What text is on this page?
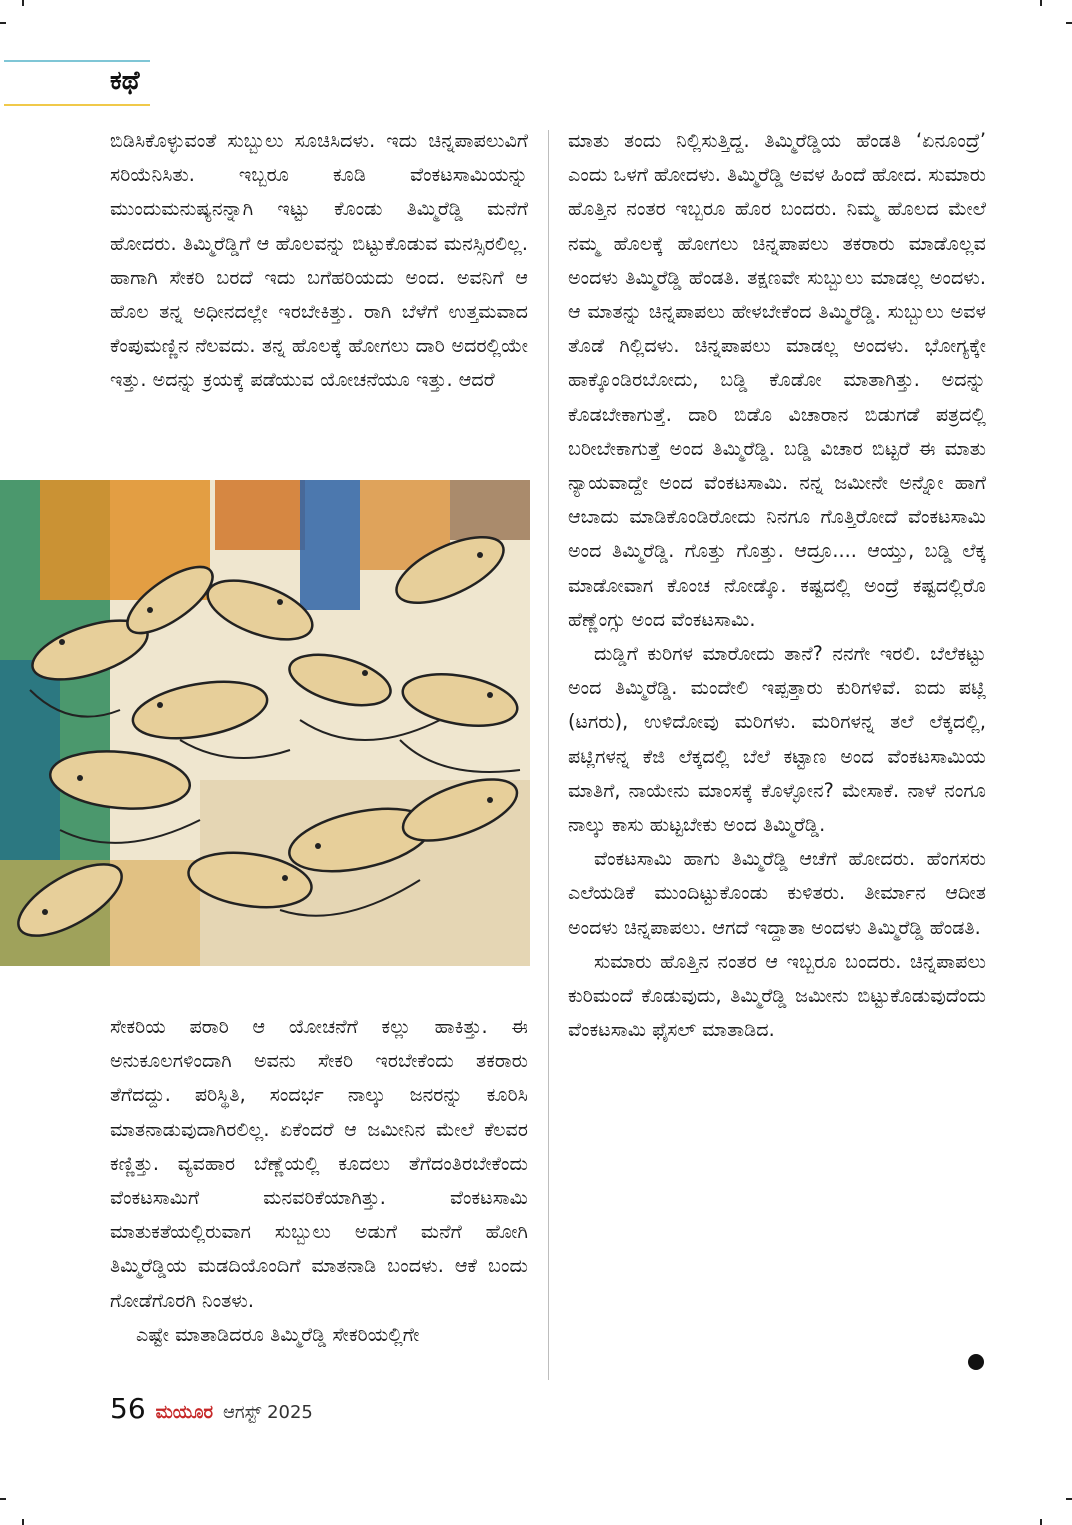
ಕಥೆ

ಬಿಡಿಸಿಕೊಳ್ಳುವಂತೆ ಸುಬ್ಬುಲು ಸೂಚಿಸಿದಳು. ಇದು ಚಿನ್ನಪಾಪಲುವಿಗೆ ಸರಿಯೆನಿಸಿತು. ಇಬ್ಬರೂ ಕೂಡಿ ವೆಂಕಟಸಾಮಿಯನ್ನು ಮುಂದುಮನುಷ್ಯನನ್ನಾಗಿ ಇಟ್ಟು ಕೊಂಡು ತಿಮ್ಮಿರೆಡ್ಡಿ ಮನೆಗೆ ಹೋದರು. ತಿಮ್ಮಿರೆಡ್ಡಿಗೆ ಆ ಹೊಲವನ್ನು ಬಿಟ್ಟುಕೊಡುವ ಮನಸ್ಸಿರಲಿಲ್ಲ. ಹಾಗಾಗಿ ಸೇಕರಿ ಬರದೆ ಇದು ಬಗೆಹರಿಯದು ಅಂದ. ಅವನಿಗೆ ಆ ಹೊಲ ತನ್ನ ಅಧೀನದಲ್ಲೇ ಇರಬೇಕಿತ್ತು. ರಾಗಿ ಬೆಳೆಗೆ ಉತ್ತಮವಾದ ಕೆಂಪುಮಣ್ಣಿನ ನೆಲವದು. ತನ್ನ ಹೊಲಕ್ಕೆ ಹೋಗಲು ದಾರಿ ಅದರಲ್ಲಿಯೇ ಇತ್ತು. ಅದನ್ನು ಕ್ರಯಕ್ಕೆ ಪಡೆಯುವ ಯೋಚನೆಯೂ ಇತ್ತು. ಆದರೆ

ಸೇಕರಿಯ ಪರಾರಿ ಆ ಯೋಚನೆಗೆ ಕಲ್ಲು ಹಾಕಿತ್ತು. ಈ ಅನುಕೂಲಗಳಿಂದಾಗಿ ಅವನು ಸೇಕರಿ ಇರಬೇಕೆಂದು ತಕರಾರು ತೆಗೆದದ್ದು. ಪರಿಸ್ಥಿತಿ, ಸಂದರ್ಭ ನಾಲ್ಕು ಜನರನ್ನು ಕೂರಿಸಿ ಮಾತನಾಡುವುದಾಗಿರಲಿಲ್ಲ. ಏಕೆಂದರೆ ಆ ಜಮೀನಿನ ಮೇಲೆ ಕೆಲವರ ಕಣ್ಣಿತ್ತು. ವ್ಯವಹಾರ ಬೆಣ್ಣೆಯಲ್ಲಿ ಕೂದಲು ತೆಗೆದಂತಿರಬೇಕೆಂದು ವೆಂಕಟಸಾಮಿಗೆ ಮನವರಿಕೆಯಾಗಿತ್ತು. ವೆಂಕಟಸಾಮಿ ಮಾತುಕತೆಯಲ್ಲಿರುವಾಗ ಸುಬ್ಬುಲು ಅಡುಗೆ ಮನೆಗೆ ಹೋಗಿ ತಿಮ್ಮಿರೆಡ್ಡಿಯ ಮಡದಿಯೊಂದಿಗೆ ಮಾತನಾಡಿ ಬಂದಳು. ಆಕೆ ಬಂದು ಗೋಡೆಗೊರಗಿ ನಿಂತಳು.

ಎಷ್ಟೇ ಮಾತಾಡಿದರೂ ತಿಮ್ಮಿರೆಡ್ಡಿ ಸೇಕರಿಯಲ್ಲಿಗೇ

ಮಾತು ತಂದು ನಿಲ್ಲಿಸುತ್ತಿದ್ದ. ತಿಮ್ಮಿರೆಡ್ಡಿಯ ಹೆಂಡತಿ ‘ಏನೂಂದ್ರೆ’ ಎಂದು ಒಳಗೆ ಹೋದಳು. ತಿಮ್ಮಿರೆಡ್ಡಿ ಅವಳ ಹಿಂದೆ ಹೋದ. ಸುಮಾರು ಹೊತ್ತಿನ ನಂತರ ಇಬ್ಬರೂ ಹೊರ ಬಂದರು. ನಿಮ್ಮ ಹೊಲದ ಮೇಲೆ ನಮ್ಮ ಹೊಲಕ್ಕೆ ಹೋಗಲು ಚಿನ್ನಪಾಪಲು ತಕರಾರು ಮಾಡೊಲ್ಲವ ಅಂದಳು ತಿಮ್ಮಿರೆಡ್ಡಿ ಹೆಂಡತಿ. ತಕ್ಷಣವೇ ಸುಬ್ಬುಲು ಮಾಡಲ್ಲ ಅಂದಳು. ಆ ಮಾತನ್ನು ಚಿನ್ನಪಾಪಲು ಹೇಳಬೇಕೆಂದ ತಿಮ್ಮಿರೆಡ್ಡಿ. ಸುಬ್ಬುಲು ಅವಳ ತೊಡೆ ಗಿಲ್ಲಿದಳು. ಚಿನ್ನಪಾಪಲು ಮಾಡಲ್ಲ ಅಂದಳು. ಭೋಗ್ಯಕ್ಕೇ ಹಾಕ್ಕೊಂಡಿರಬೋದು, ಬಡ್ಡಿ ಕೊಡೋ ಮಾತಾಗಿತ್ತು. ಅದನ್ನು ಕೊಡಬೇಕಾಗುತ್ತೆ. ದಾರಿ ಬಿಡೊ ವಿಚಾರಾನ ಬಿಡುಗಡೆ ಪತ್ರದಲ್ಲಿ ಬರೀಬೇಕಾಗುತ್ತೆ ಅಂದ ತಿಮ್ಮಿರೆಡ್ಡಿ. ಬಡ್ಡಿ ವಿಚಾರ ಬಿಟ್ಟರೆ ಈ ಮಾತು ನ್ಯಾಯವಾದ್ದೇ ಅಂದ ವೆಂಕಟಸಾಮಿ. ನನ್ನ ಜಮೀನೇ ಅನ್ನೋ ಹಾಗೆ ಆಬಾದು ಮಾಡಿಕೊಂಡಿರೋದು ನಿನಗೂ ಗೊತ್ತಿರೋದೆ ವೆಂಕಟಸಾಮಿ ಅಂದ ತಿಮ್ಮಿರೆಡ್ಡಿ. ಗೊತ್ತು ಗೊತ್ತು. ಆದ್ರೂ.... ಆಯ್ತು, ಬಡ್ಡಿ ಲೆಕ್ಕ ಮಾಡೋವಾಗ ಕೊಂಚ ನೋಡ್ಕೊ. ಕಷ್ಟದಲ್ಲಿ ಅಂದ್ರೆ ಕಷ್ಟದಲ್ಲಿರೊ ಹೆಣ್ಣೆಂಗ್ಸು ಅಂದ ವೆಂಕಟಸಾಮಿ.

ದುಡ್ಡಿಗೆ ಕುರಿಗಳ ಮಾರೋದು ತಾನೆ? ನನಗೇ ಇರಲಿ. ಬೆಲೆಕಟ್ಟು ಅಂದ ತಿಮ್ಮಿರೆಡ್ಡಿ. ಮಂದೇಲಿ ಇಪ್ಪತ್ತಾರು ಕುರಿಗಳಿವೆ. ಐದು ಪಟ್ಲಿ (ಟಗರು), ಉಳಿದೋವು ಮರಿಗಳು. ಮರಿಗಳನ್ನ ತಲೆ ಲೆಕ್ಕದಲ್ಲಿ, ಪಟ್ಲಿಗಳನ್ನ ಕೆಜಿ ಲೆಕ್ಕದಲ್ಲಿ ಬೆಲೆ ಕಟ್ಟಾಣ ಅಂದ ವೆಂಕಟಸಾಮಿಯ ಮಾತಿಗೆ, ನಾಯೇನು ಮಾಂಸಕ್ಕೆ ಕೊಳ್ಳೋನ? ಮೇಸಾಕೆ. ನಾಳೆ ನಂಗೂ ನಾಲ್ಕು ಕಾಸು ಹುಟ್ಟಬೇಕು ಅಂದ ತಿಮ್ಮಿರೆಡ್ಡಿ.

ವೆಂಕಟಸಾಮಿ ಹಾಗು ತಿಮ್ಮಿರೆಡ್ಡಿ ಆಚೆಗೆ ಹೋದರು. ಹೆಂಗಸರು ಎಲೆಯಡಿಕೆ ಮುಂದಿಟ್ಟುಕೊಂಡು ಕುಳಿತರು. ತೀರ್ಮಾನ ಆದೀತ ಅಂದಳು ಚಿನ್ನಪಾಪಲು. ಆಗದೆ ಇದ್ದಾತಾ ಅಂದಳು ತಿಮ್ಮಿರೆಡ್ಡಿ ಹೆಂಡತಿ.

ಸುಮಾರು ಹೊತ್ತಿನ ನಂತರ ಆ ಇಬ್ಬರೂ ಬಂದರು. ಚಿನ್ನಪಾಪಲು ಕುರಿಮಂದೆ ಕೊಡುವುದು, ತಿಮ್ಮಿರೆಡ್ಡಿ ಜಮೀನು ಬಿಟ್ಟುಕೊಡುವುದೆಂದು ವೆಂಕಟಸಾಮಿ ಫೈಸಲ್ ಮಾತಾಡಿದ.

56 ಮಯೂರ ಆಗಸ್ಟ್ 2025
